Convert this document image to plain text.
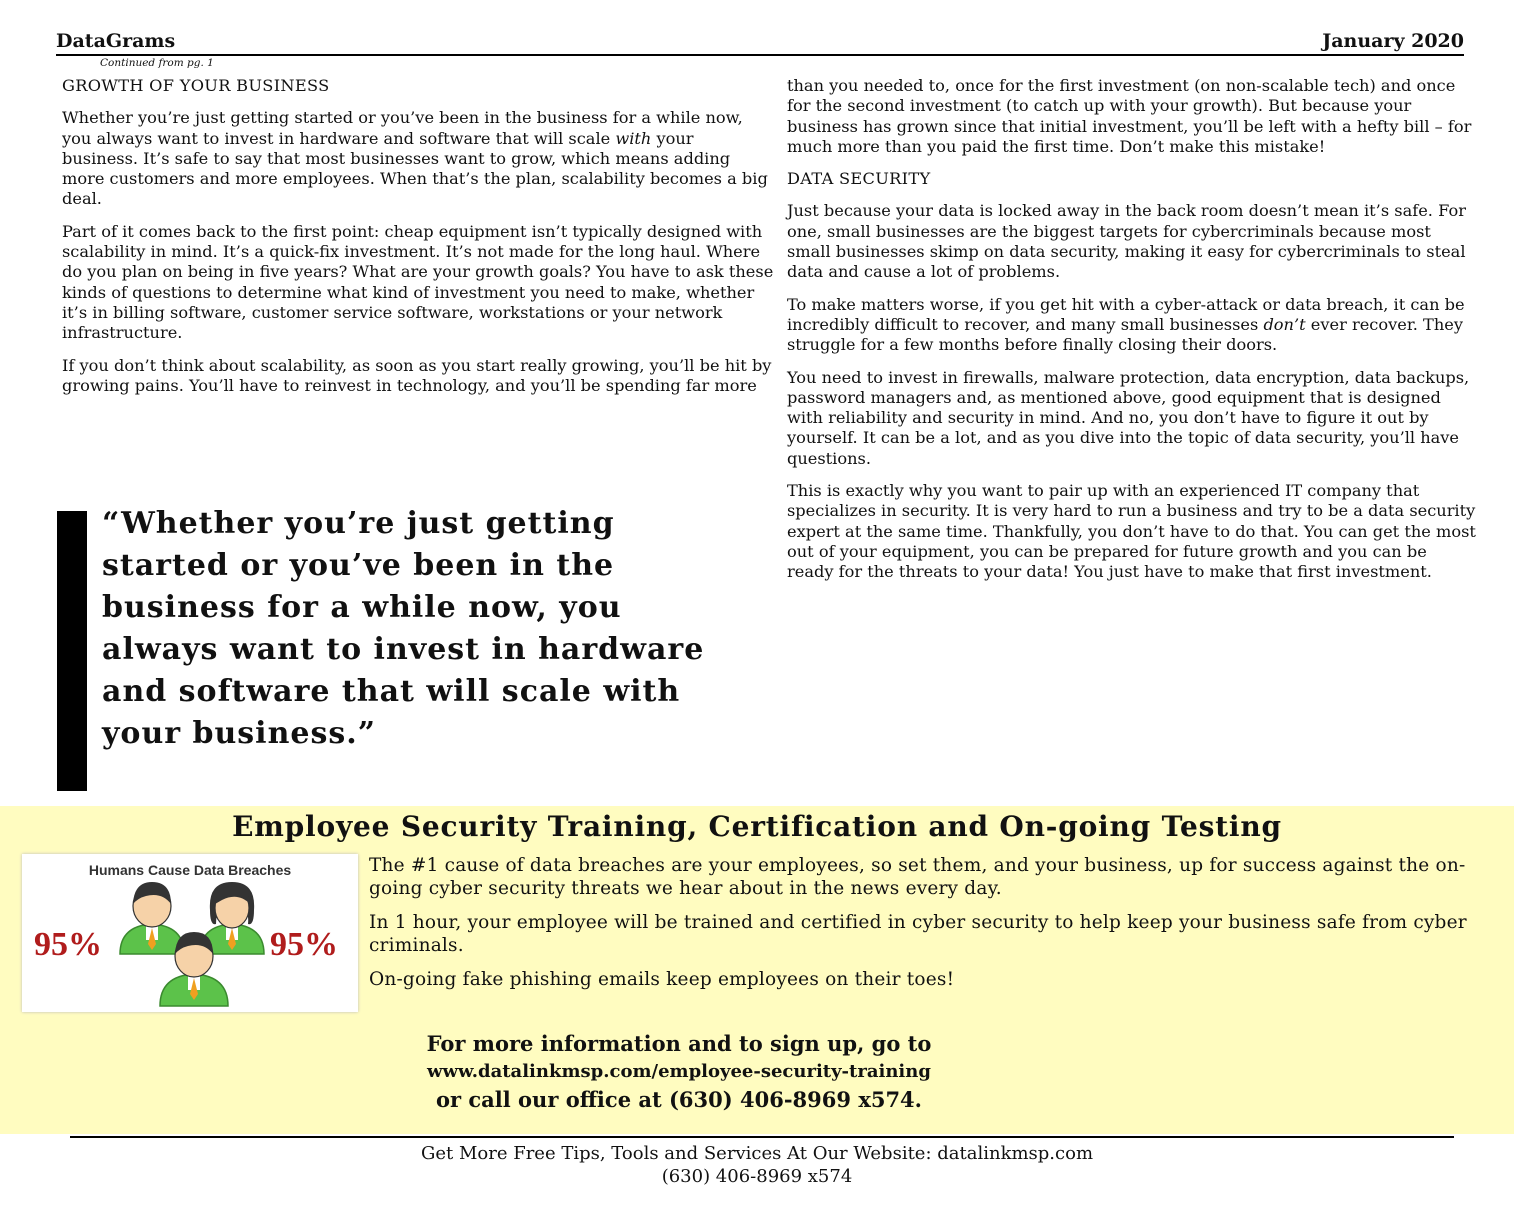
DataGrams	January 2020
Continued from pg. 1
GROWTH OF YOUR BUSINESS

Whether you’re just getting started or you’ve been in the business for a while now, you always want to invest in hardware and software that will scale with your business. It’s safe to say that most businesses want to grow, which means adding more customers and more employees. When that’s the plan, scalability becomes a big deal.

Part of it comes back to the first point: cheap equipment isn’t typically designed with scalability in mind. It’s a quick-fix investment. It’s not made for the long haul. Where do you plan on being in five years? What are your growth goals? You have to ask these kinds of questions to determine what kind of investment you need to make, whether it’s in billing software, customer service software, workstations or your network infrastructure.

If you don’t think about scalability, as soon as you start really growing, you’ll be hit by growing pains. You’ll have to reinvest in technology, and you’ll be spending far more

“Whether you’re just getting started or you’ve been in the business for a while now, you always want to invest in hardware and software that will scale with your business.”

than you needed to, once for the first investment (on non-scalable tech) and once for the second investment (to catch up with your growth). But because your business has grown since that initial investment, you’ll be left with a hefty bill – for much more than you paid the first time. Don’t make this mistake!

DATA SECURITY

Just because your data is locked away in the back room doesn’t mean it’s safe. For one, small businesses are the biggest targets for cybercriminals because most small businesses skimp on data security, making it easy for cybercriminals to steal data and cause a lot of problems.

To make matters worse, if you get hit with a cyber-attack or data breach, it can be incredibly difficult to recover, and many small businesses don’t ever recover. They struggle for a few months before finally closing their doors.

You need to invest in firewalls, malware protection, data encryption, data backups, password managers and, as mentioned above, good equipment that is designed with reliability and security in mind. And no, you don’t have to figure it out by yourself. It can be a lot, and as you dive into the topic of data security, you’ll have questions.

This is exactly why you want to pair up with an experienced IT company that specializes in security. It is very hard to run a business and try to be a data security expert at the same time. Thankfully, you don’t have to do that. You can get the most out of your equipment, you can be prepared for future growth and you can be ready for the threats to your data! You just have to make that first investment.

Employee Security Training, Certification and On-going Testing
Humans Cause Data Breaches
95%	95%

The #1 cause of data breaches are your employees, so set them, and your business, up for success against the on-going cyber security threats we hear about in the news every day.

In 1 hour, your employee will be trained and certified in cyber security to help keep your business safe from cyber criminals.

On-going fake phishing emails keep employees on their toes!

For more information and to sign up, go to
www.datalinkmsp.com/employee-security-training
or call our office at (630) 406-8969 x574.
Get More Free Tips, Tools and Services At Our Website: datalinkmsp.com
(630) 406-8969 x574
